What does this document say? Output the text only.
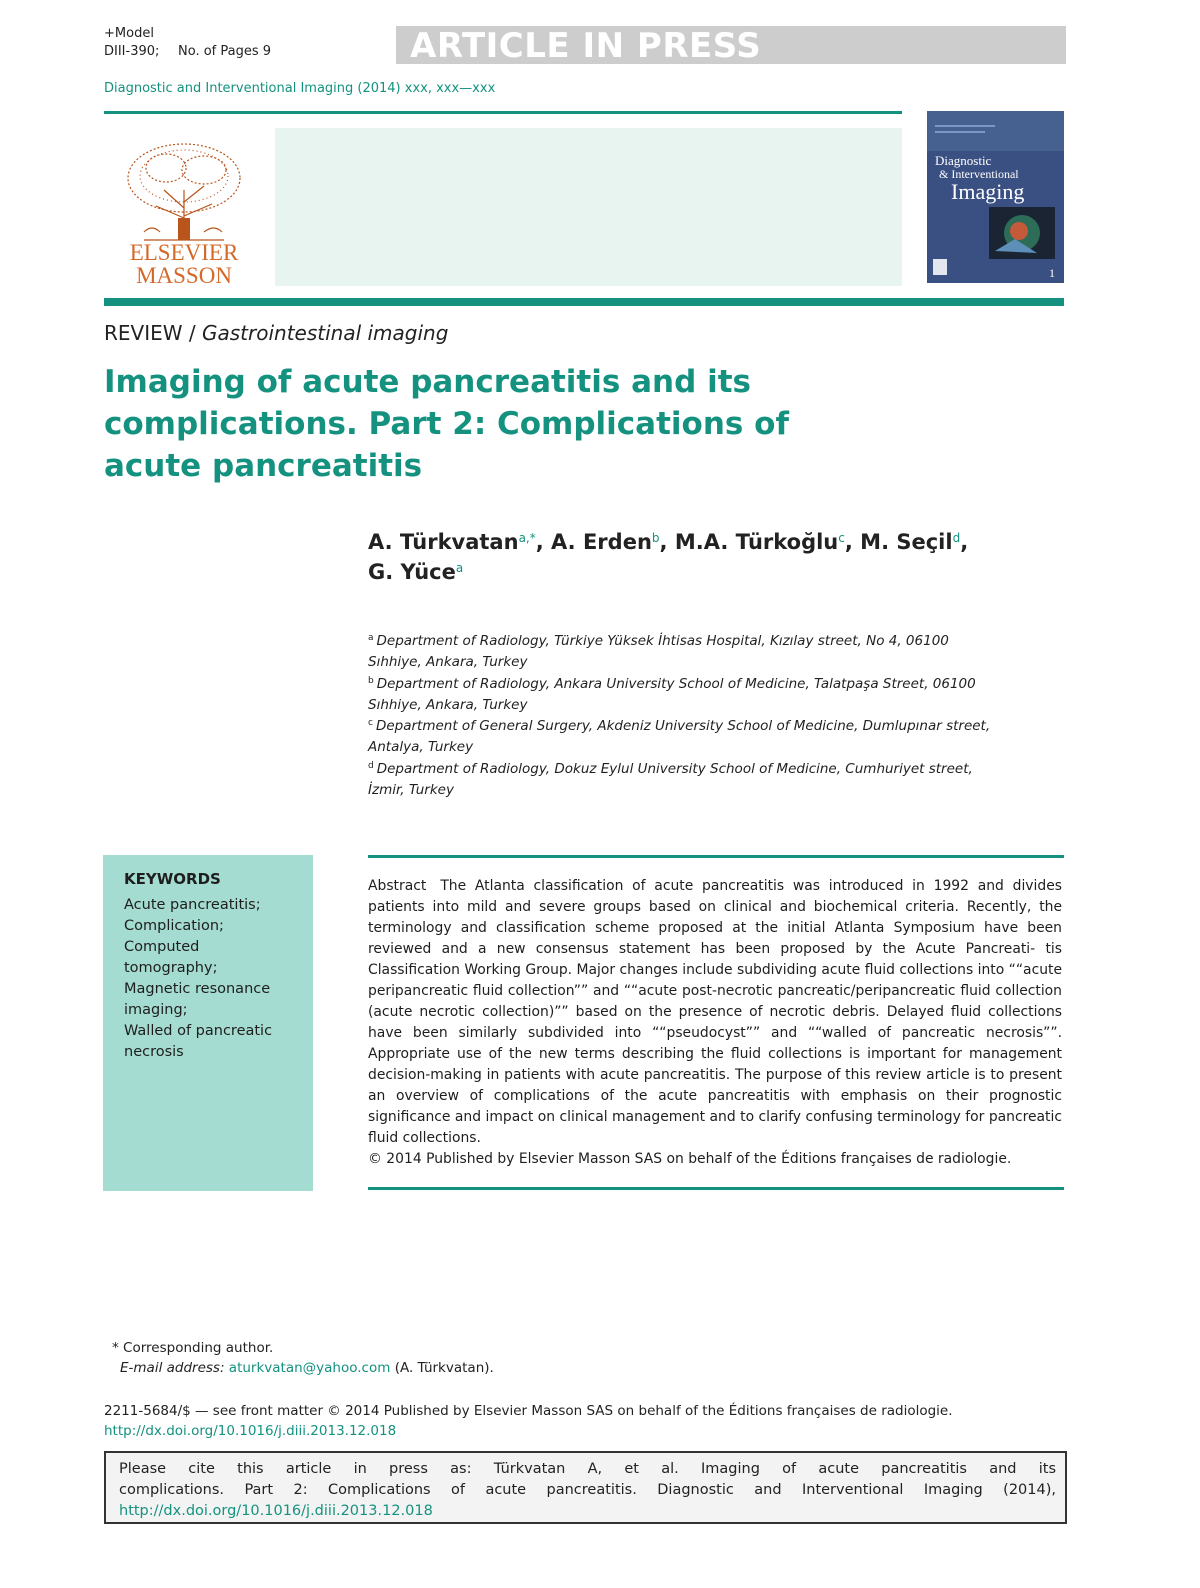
+Model
DIII-390; No. of Pages 9	ARTICLE IN PRESS
Diagnostic and Interventional Imaging (2014) xxx, xxx—xxx
ELSEVIER
MASSON
Diagnostic
& Interventional
Imaging
1
REVIEW / Gastrointestinal imaging
Imaging of acute pancreatitis and its
complications. Part 2: Complications of
acute pancreatitis
A. Türkvatan$^{a,*}$, A. Erden$^b$, M.A. Türkoğlu$^c$, M. Seçil$^d$,
G. Yüce$^a$
$^a$ Department of Radiology, Türkiye Yüksek İhtisas Hospital, Kızılay street, No 4, 06100
Sıhhiye, Ankara, Turkey
$^b$ Department of Radiology, Ankara University School of Medicine, Talatpaşa Street, 06100
Sıhhiye, Ankara, Turkey
$^c$ Department of General Surgery, Akdeniz University School of Medicine, Dumlupınar street,
Antalya, Turkey
$^d$ Department of Radiology, Dokuz Eylul University School of Medicine, Cumhuriyet street,
İzmir, Turkey
KEYWORDS
Acute pancreatitis;
Complication;
Computed
tomography;
Magnetic resonance
imaging;
Walled of pancreatic
necrosis

Abstract The Atlanta classification of acute pancreatitis was introduced in 1992 and divides patients into mild and severe groups based on clinical and biochemical criteria. Recently, the terminology and classification scheme proposed at the initial Atlanta Symposium have been reviewed and a new consensus statement has been proposed by the Acute Pancreati- tis Classification Working Group. Major changes include subdividing acute fluid collections into ““acute peripancreatic fluid collection”” and ““acute post-necrotic pancreatic/peripancreatic fluid collection (acute necrotic collection)”” based on the presence of necrotic debris. Delayed fluid collections have been similarly subdivided into ““pseudocyst”” and ““walled of pancreatic necrosis””. Appropriate use of the new terms describing the fluid collections is important for management decision-making in patients with acute pancreatitis. The purpose of this review article is to present an overview of complications of the acute pancreatitis with emphasis on their prognostic significance and impact on clinical management and to clarify confusing terminology for pancreatic fluid collections.

© 2014 Published by Elsevier Masson SAS on behalf of the Éditions françaises de radiologie.

* Corresponding author.
E-mail address: aturkvatan@yahoo.com (A. Türkvatan).
2211-5684/$ — see front matter © 2014 Published by Elsevier Masson SAS on behalf of the Éditions françaises de radiologie.
http://dx.doi.org/10.1016/j.diii.2013.12.018
Please cite this article in press as: Türkvatan A, et al. Imaging of acute pancreatitis and its
complications. Part 2: Complications of acute pancreatitis. Diagnostic and Interventional Imaging (2014),
http://dx.doi.org/10.1016/j.diii.2013.12.018
